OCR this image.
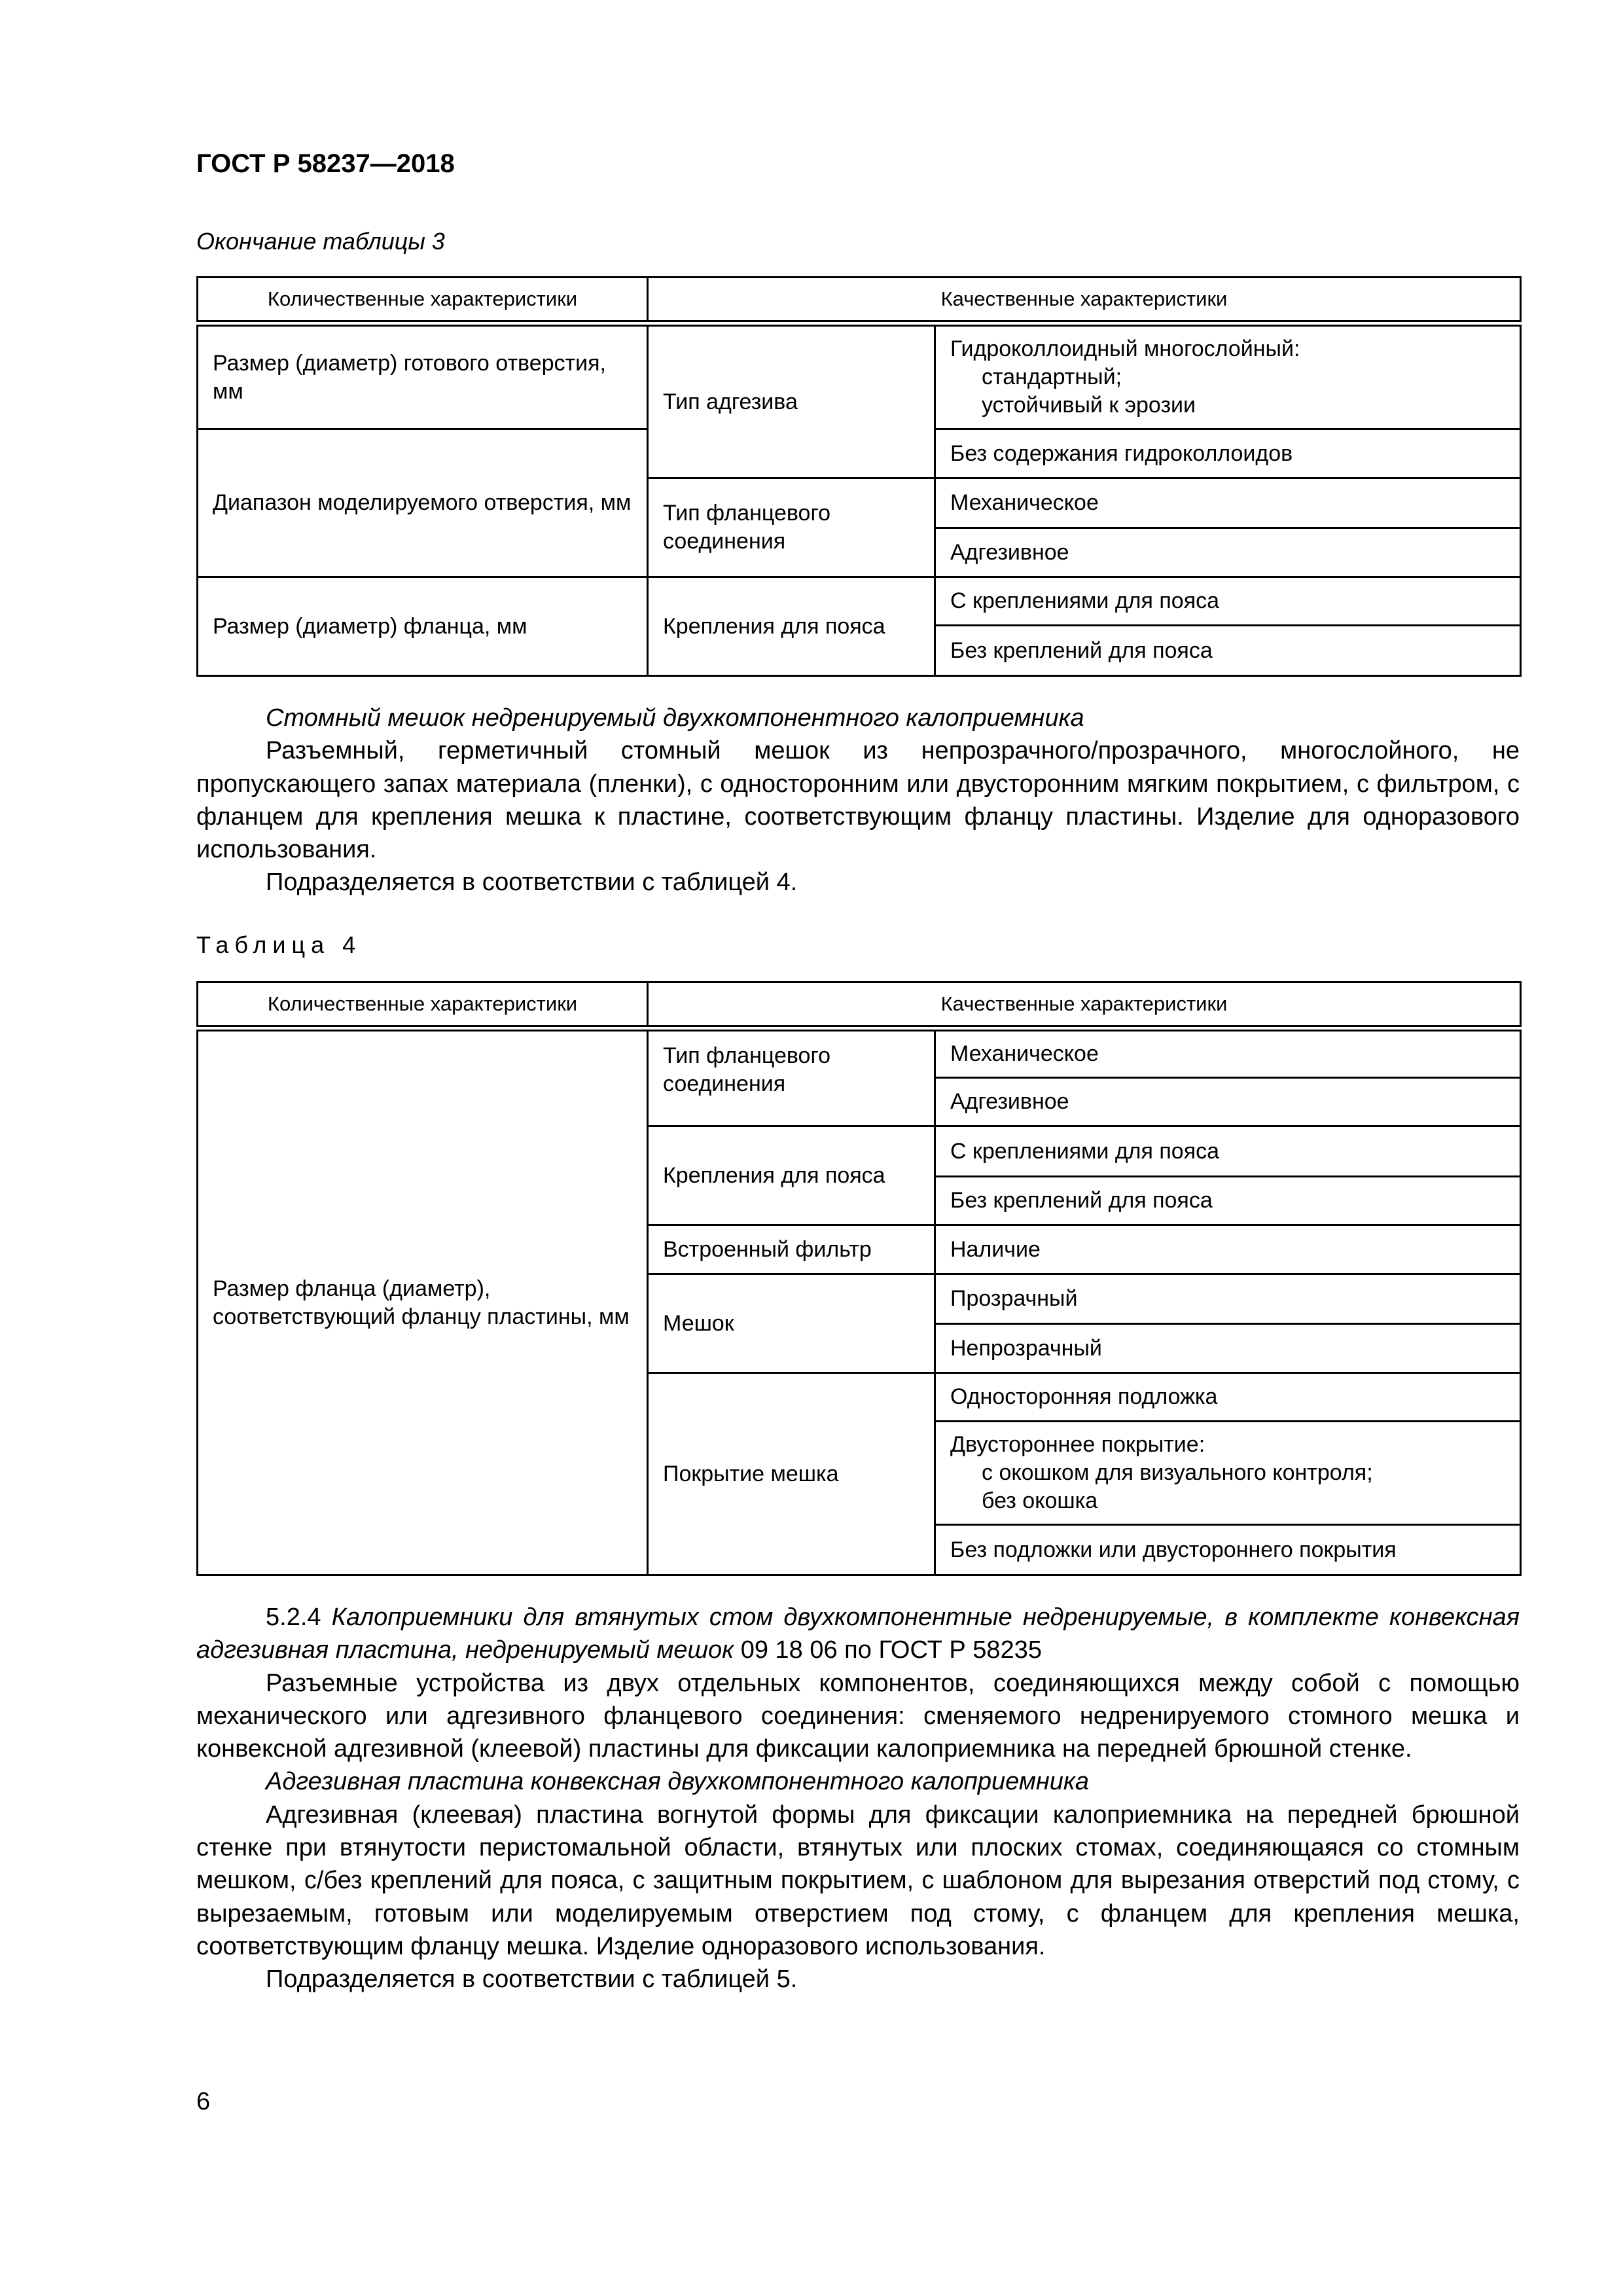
ГОСТ Р 58237—2018
Окончание таблицы 3
Количественные характеристики	Качественные характеристики	

Размер (диаметр) готового отверстия, мм	Тип адгезива	Гидроколлоидный многослойный:
стандартный;
устойчивый к эрозии

Диапазон моделируемого отверстия, мм		Без содержания гидроколлоидов
	Тип фланцевого соединения	Механическое
		Адгезивное
Размер (диаметр) фланца, мм	Крепления для пояса	С креплениями для пояса
		Без креплений для пояса

Стомный мешок недренируемый двухкомпонентного калоприемника

Разъемный, герметичный стомный мешок из непрозрачного/прозрачного, многослойного, не пропускающего запах материала (пленки), с односторонним или двусторонним мягким покрытием, с фильтром, с фланцем для крепления мешка к пластине, соответствующим фланцу пластины. Изделие для одноразового использования.

Подразделяется в соответствии с таблицей 4.

Таблица 4
Количественные характеристики	Качественные характеристики	

Размер фланца (диаметр), соответствующий фланцу пластины, мм	Тип фланцевого соединения	Механическое
		Адгезивное
	Крепления для пояса	С креплениями для пояса
		Без креплений для пояса
	Встроенный фильтр	Наличие
	Мешок	Прозрачный
		Непрозрачный
	Покрытие мешка	Односторонняя подложка
		Двустороннее покрытие:
с окошком для визуального контроля;
без окошка

		Без подложки или двустороннего покрытия

5.2.4 Калоприемники для втянутых стом двухкомпонентные недренируемые, в комплекте конвексная адгезивная пластина, недренируемый мешок 09 18 06 по ГОСТ Р 58235

Разъемные устройства из двух отдельных компонентов, соединяющихся между собой с помощью механического или адгезивного фланцевого соединения: сменяемого недренируемого стомного мешка и конвексной адгезивной (клеевой) пластины для фиксации калоприемника на передней брюшной стенке.

Адгезивная пластина конвексная двухкомпонентного калоприемника

Адгезивная (клеевая) пластина вогнутой формы для фиксации калоприемника на передней брюшной стенке при втянутости перистомальной области, втянутых или плоских стомах, соединяющаяся со стомным мешком, с/без креплений для пояса, с защитным покрытием, с шаблоном для вырезания отверстий под стому, с вырезаемым, готовым или моделируемым отверстием под стому, с фланцем для крепления мешка, соответствующим фланцу мешка. Изделие одноразового использования.

Подразделяется в соответствии с таблицей 5.

6
